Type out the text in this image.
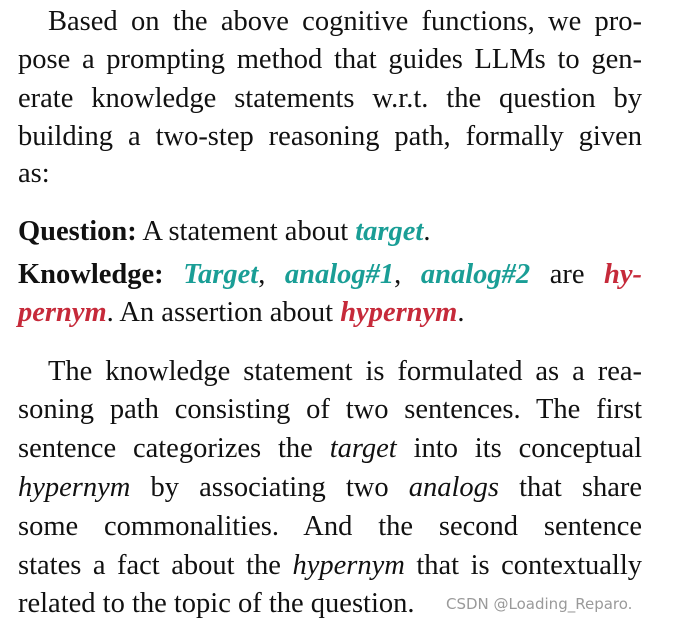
Based on the above cognitive functions, we pro-
pose a prompting method that guides LLMs to gen-
erate knowledge statements w.r.t. the question by
building a two-step reasoning path, formally given
as:
Question: A statement about target.
Knowledge: Target, analog#1, analog#2 are hy-
pernym. An assertion about hypernym.
The knowledge statement is formulated as a rea-
soning path consisting of two sentences. The first
sentence categorizes the target into its conceptual
hypernym by associating two analogs that share
some commonalities. And the second sentence
states a fact about the hypernym that is contextually
related to the topic of the question.	CSDN @Loading_Reparo.
